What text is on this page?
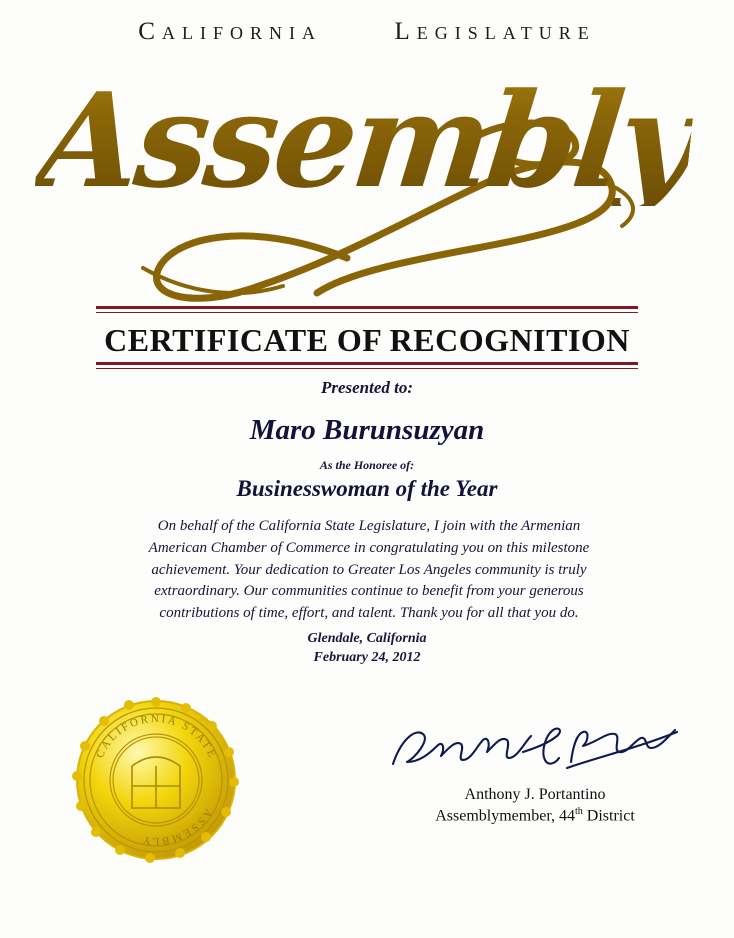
California	Legislature
Assembly
CERTIFICATE OF RECOGNITION
Presented to:
Maro Burunsuzyan
As the Honoree of:
Businesswoman of the Year
On behalf of the California State Legislature, I join with the Armenian American Chamber of Commerce in congratulating you on this milestone achievement. Your dedication to Greater Los Angeles community is truly extraordinary. Our communities continue to benefit from your generous contributions of time, effort, and talent. Thank you for all that you do.
Glendale, California
February 24, 2012
CALIFORNIA STATE
ASSEMBLY
Anthony J. Portantino
Assemblymember, 44th District
